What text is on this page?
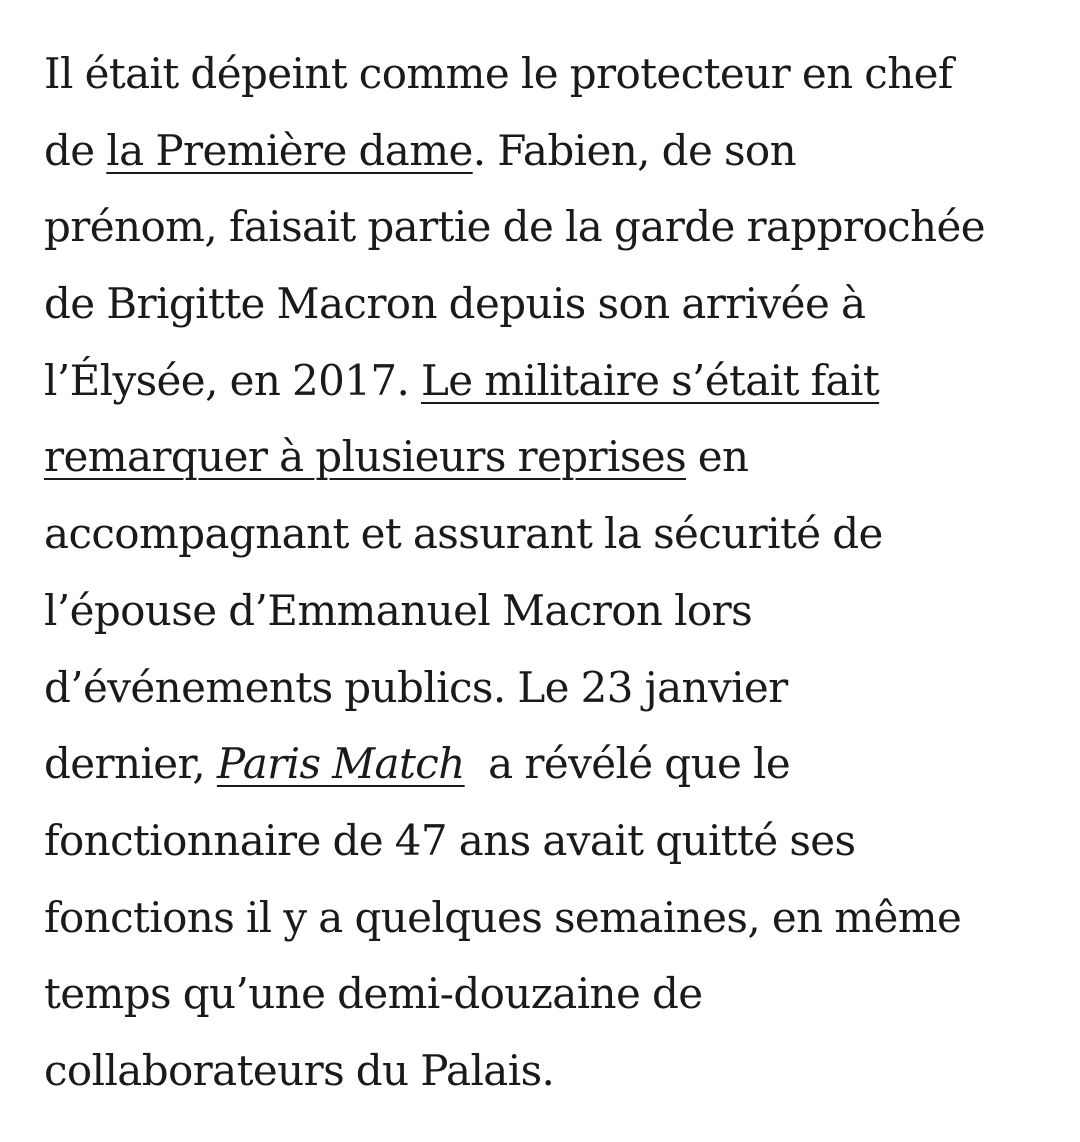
Il était dépeint comme le protecteur en chef
de la Première dame. Fabien, de son
prénom, faisait partie de la garde rapprochée
de Brigitte Macron depuis son arrivée à
l’Élysée, en 2017. Le militaire s’était fait
remarquer à plusieurs reprises en
accompagnant et assurant la sécurité de
l’épouse d’Emmanuel Macron lors
d’événements publics. Le 23 janvier
dernier, Paris Match  a révélé que le
fonctionnaire de 47 ans avait quitté ses
fonctions il y a quelques semaines, en même
temps qu’une demi-douzaine de
collaborateurs du Palais.
